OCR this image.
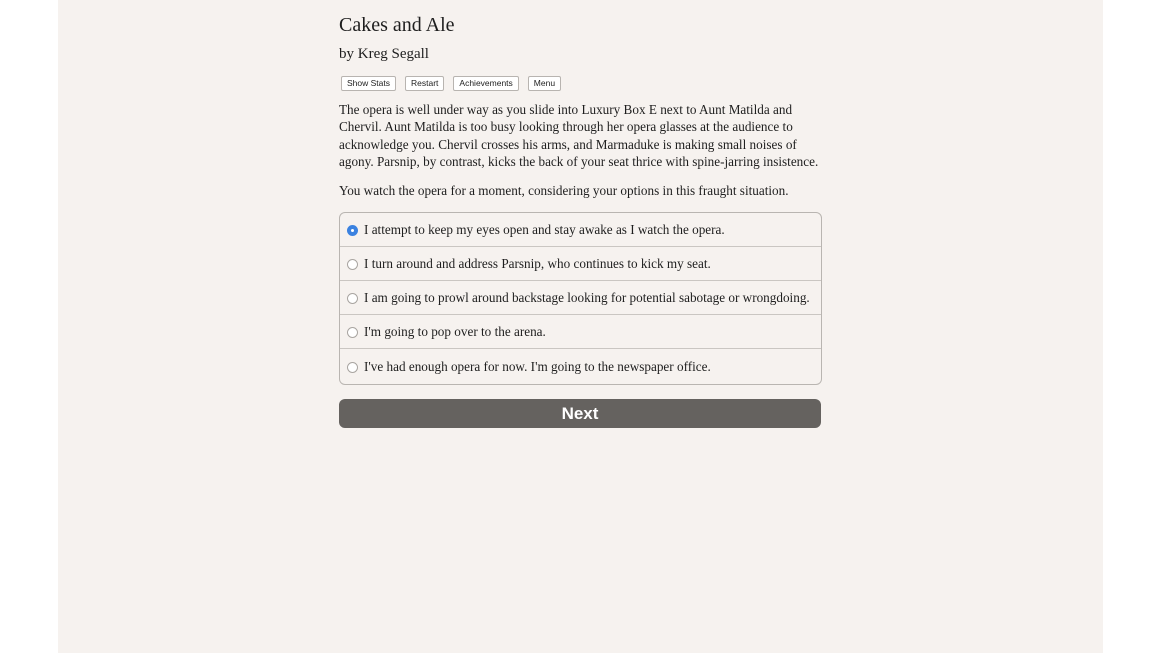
Cakes and Ale
by Kreg Segall
Show Stats	Restart	Achievements	Menu

The opera is well under way as you slide into Luxury Box E next to Aunt Matilda and Chervil. Aunt Matilda is too busy looking through her opera glasses at the audience to acknowledge you. Chervil crosses his arms, and Marmaduke is making small noises of agony. Parsnip, by contrast, kicks the back of your seat thrice with spine-jarring insistence.

You watch the opera for a moment, considering your options in this fraught situation.

I attempt to keep my eyes open and stay awake as I watch the opera.
I turn around and address Parsnip, who continues to kick my seat.
I am going to prowl around backstage looking for potential sabotage or wrongdoing.
I'm going to pop over to the arena.
I've had enough opera for now. I'm going to the newspaper office.
Next
